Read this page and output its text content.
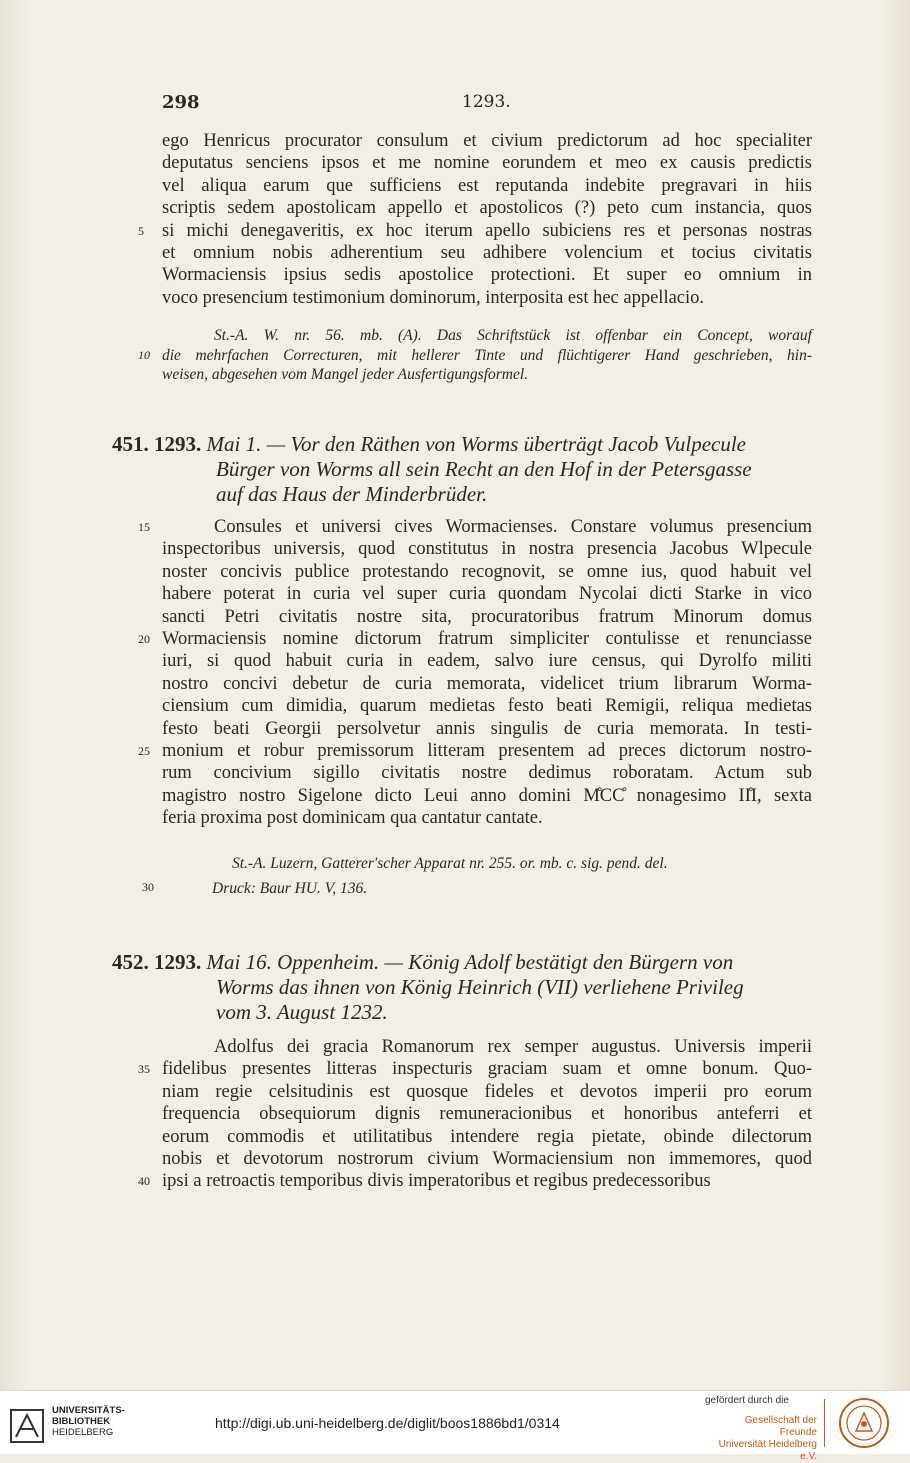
298	1293.
ego Henricus procurator consulum et civium predictorum ad hoc specialiter
deputatus senciens ipsos et me nomine eorundem et meo ex causis predictis
vel aliqua earum que sufficiens est reputanda indebite pregravari in hiis
scriptis sedem apostolicam appello et apostolicos (?) peto cum instancia, quos
si michi denegaveritis, ex hoc iterum apello subiciens res et personas nostras
5
et omnium nobis adherentium seu adhibere volencium et tocius civitatis
Wormaciensis ipsius sedis apostolice protectioni. Et super eo omnium in
voco presencium testimonium dominorum, interposita est hec appellacio.
St.-A. W. nr. 56. mb. (A). Das Schriftstück ist offenbar ein Concept, worauf
die mehrfachen Correcturen, mit hellerer Tinte und flüchtigerer Hand geschrieben, hin-
10
weisen, abgesehen vom Mangel jeder Ausfertigungsformel.
451. 1293. Mai 1. — Vor den Räthen von Worms überträgt Jacob Vulpecule
Bürger von Worms all sein Recht an den Hof in der Petersgasse
auf das Haus der Minderbrüder.
Consules et universi cives Wormacienses. Constare volumus presencium
15
inspectoribus universis, quod constitutus in nostra presencia Jacobus Wlpecule
noster concivis publice protestando recognovit, se omne ius, quod habuit vel
habere poterat in curia vel super curia quondam Nycolai dicti Starke in vico
sancti Petri civitatis nostre sita, procuratoribus fratrum Minorum domus
Wormaciensis nomine dictorum fratrum simpliciter contulisse et renunciasse
20
iuri, si quod habuit curia in eadem, salvo iure census, qui Dyrolfo militi
nostro concivi debetur de curia memorata, videlicet trium librarum Worma-
ciensium cum dimidia, quarum medietas festo beati Remigii, reliqua medietas
festo beati Georgii persolvetur annis singulis de curia memorata. In testi-
monium et robur premissorum litteram presentem ad preces dictorum nostro-
25
rum concivium sigillo civitatis nostre dedimus roboratam. Actum sub
magistro nostro Sigelone dicto Leui anno domini M̊CC̊ nonagesimo II̊I, sexta
feria proxima post dominicam qua cantatur cantate.
St.-A. Luzern, Gatterer'scher Apparat nr. 255. or. mb. c. sig. pend. del.
30	Druck: Baur HU. V, 136.
452. 1293. Mai 16. Oppenheim. — König Adolf bestätigt den Bürgern von
Worms das ihnen von König Heinrich (VII) verliehene Privileg
vom 3. August 1232.
Adolfus dei gracia Romanorum rex semper augustus. Universis imperii
fidelibus presentes litteras inspecturis graciam suam et omne bonum. Quo-
35
niam regie celsitudinis est quosque fideles et devotos imperii pro eorum
frequencia obsequiorum dignis remuneracionibus et honoribus anteferri et
eorum commodis et utilitatibus intendere regia pietate, obinde dilectorum
nobis et devotorum nostrorum civium Wormaciensium non immemores, quod
ipsi a retroactis temporibus divis imperatoribus et regibus predecessoribus
40
UNIVERSITÄTS-
BIBLIOTHEK
HEIDELBERG
http://digi.ub.uni-heidelberg.de/diglit/boos1886bd1/0314
gefördert durch die
Gesellschaft der Freunde
Universität Heidelberg e.V.
